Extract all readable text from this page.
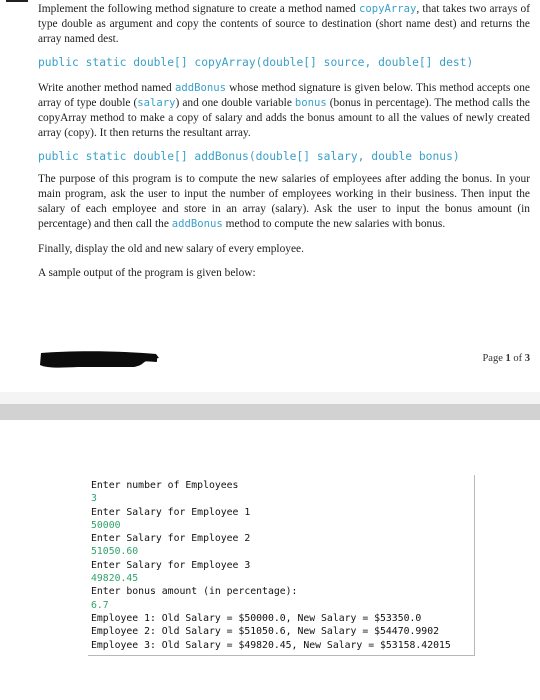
Implement the following method signature to create a method named copyArray, that takes two arrays of type double as argument and copy the contents of source to destination (short name dest) and returns the array named dest.

public static double[] copyArray(double[] source, double[] dest)

Write another method named addBonus whose method signature is given below. This method accepts one array of type double (salary) and one double variable bonus (bonus in percentage). The method calls the copyArray method to make a copy of salary and adds the bonus amount to all the values of newly created array (copy). It then returns the resultant array.

public static double[] addBonus(double[] salary, double bonus)

The purpose of this program is to compute the new salaries of employees after adding the bonus. In your main program, ask the user to input the number of employees working in their business. Then input the salary of each employee and store in an array (salary). Ask the user to input the bonus amount (in percentage) and then call the addBonus method to compute the new salaries with bonus.

Finally, display the old and new salary of every employee.

A sample output of the program is given below:

Page 1 of 3
Enter number of Employees
3
Enter Salary for Employee 1
50000
Enter Salary for Employee 2
51050.60
Enter Salary for Employee 3
49820.45
Enter bonus amount (in percentage):
6.7
Employee 1: Old Salary = $50000.0, New Salary = $53350.0
Employee 2: Old Salary = $51050.6, New Salary = $54470.9902
Employee 3: Old Salary = $49820.45, New Salary = $53158.42015
